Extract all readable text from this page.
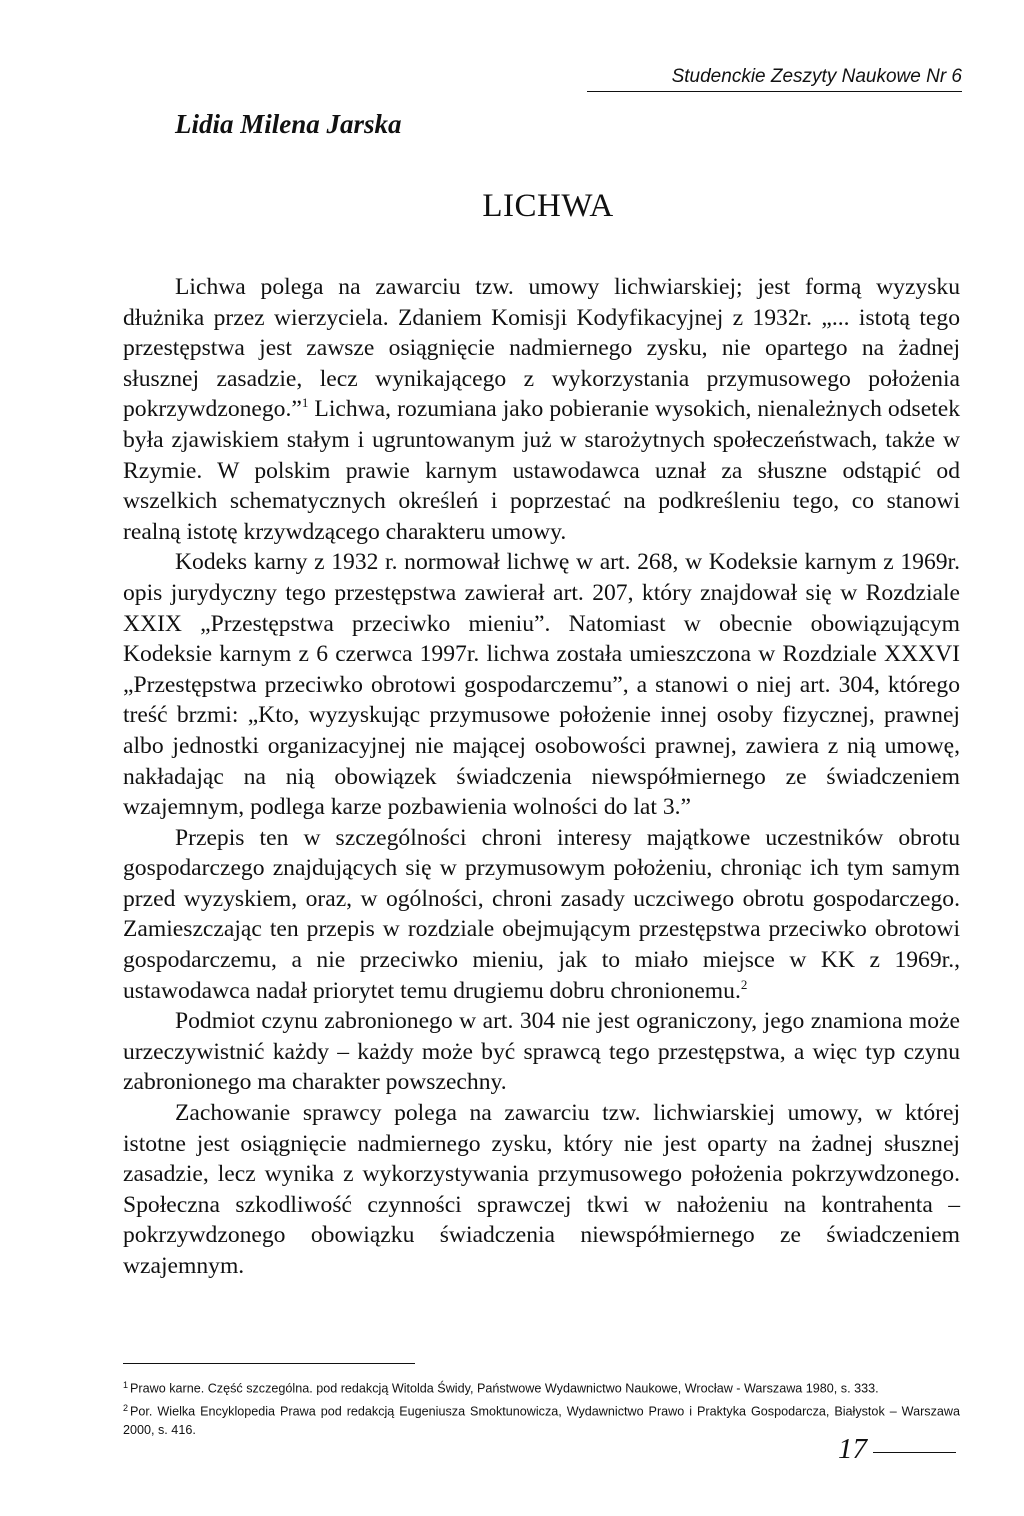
Studenckie Zeszyty Naukowe Nr 6
Lidia Milena Jarska
LICHWA

Lichwa polega na zawarciu tzw. umowy lichwiarskiej; jest formą wyzysku dłużnika przez wierzyciela. Zdaniem Komisji Kodyfikacyjnej z 1932r. „... istotą tego przestępstwa jest zawsze osiągnięcie nadmiernego zysku, nie opartego na żadnej słusznej zasadzie, lecz wynikającego z wykorzystania przymusowego położenia pokrzywdzonego.”$^1$ Lichwa, rozumiana jako pobieranie wysokich, nienależnych odsetek była zjawiskiem stałym i ugruntowanym już w starożytnych społeczeństwach, także w Rzymie. W polskim prawie karnym ustawodawca uznał za słuszne odstąpić od wszelkich schematycznych określeń i poprzestać na podkreśleniu tego, co stanowi realną istotę krzywdzącego charakteru umowy.

Kodeks karny z 1932 r. normował lichwę w art. 268, w Kodeksie karnym z 1969r. opis jurydyczny tego przestępstwa zawierał art. 207, który znajdował się w Rozdziale XXIX „Przestępstwa przeciwko mieniu”. Natomiast w obecnie obowiązującym Kodeksie karnym z 6 czerwca 1997r. lichwa została umieszczona w Rozdziale XXXVI „Przestępstwa przeciwko obrotowi gospodarczemu”, a stanowi o niej art. 304, którego treść brzmi: „Kto, wyzyskując przymusowe położenie innej osoby fizycznej, prawnej albo jednostki organizacyjnej nie mającej osobowości prawnej, zawiera z nią umowę, nakładając na nią obowiązek świadczenia niewspółmiernego ze świadczeniem wzajemnym, podlega karze pozbawienia wolności do lat 3.”

Przepis ten w szczególności chroni interesy majątkowe uczestników obrotu gospodarczego znajdujących się w przymusowym położeniu, chroniąc ich tym samym przed wyzyskiem, oraz, w ogólności, chroni zasady uczciwego obrotu gospodarczego. Zamieszczając ten przepis w rozdziale obejmującym przestępstwa przeciwko obrotowi gospodarczemu, a nie przeciwko mieniu, jak to miało miejsce w KK z 1969r., ustawodawca nadał priorytet temu drugiemu dobru chronionemu.$^2$

Podmiot czynu zabronionego w art. 304 nie jest ograniczony, jego znamiona może urzeczywistnić każdy – każdy może być sprawcą tego przestępstwa, a więc typ czynu zabronionego ma charakter powszechny.

Zachowanie sprawcy polega na zawarciu tzw. lichwiarskiej umowy, w której istotne jest osiągnięcie nadmiernego zysku, który nie jest oparty na żadnej słusznej zasadzie, lecz wynika z wykorzystywania przymusowego położenia pokrzywdzonego. Społeczna szkodliwość czynności sprawczej tkwi w nałożeniu na kontrahenta – pokrzywdzonego obowiązku świadczenia niewspółmiernego ze świadczeniem wzajemnym.

$^1$ Prawo karne. Część szczególna. pod redakcją Witolda Świdy, Państwowe Wydawnictwo Naukowe, Wrocław - Warszawa 1980, s. 333.

$^2$ Por. Wielka Encyklopedia Prawa pod redakcją Eugeniusza Smoktunowicza, Wydawnictwo Prawo i Praktyka Gospodarcza, Białystok – Warszawa 2000, s. 416.

17
